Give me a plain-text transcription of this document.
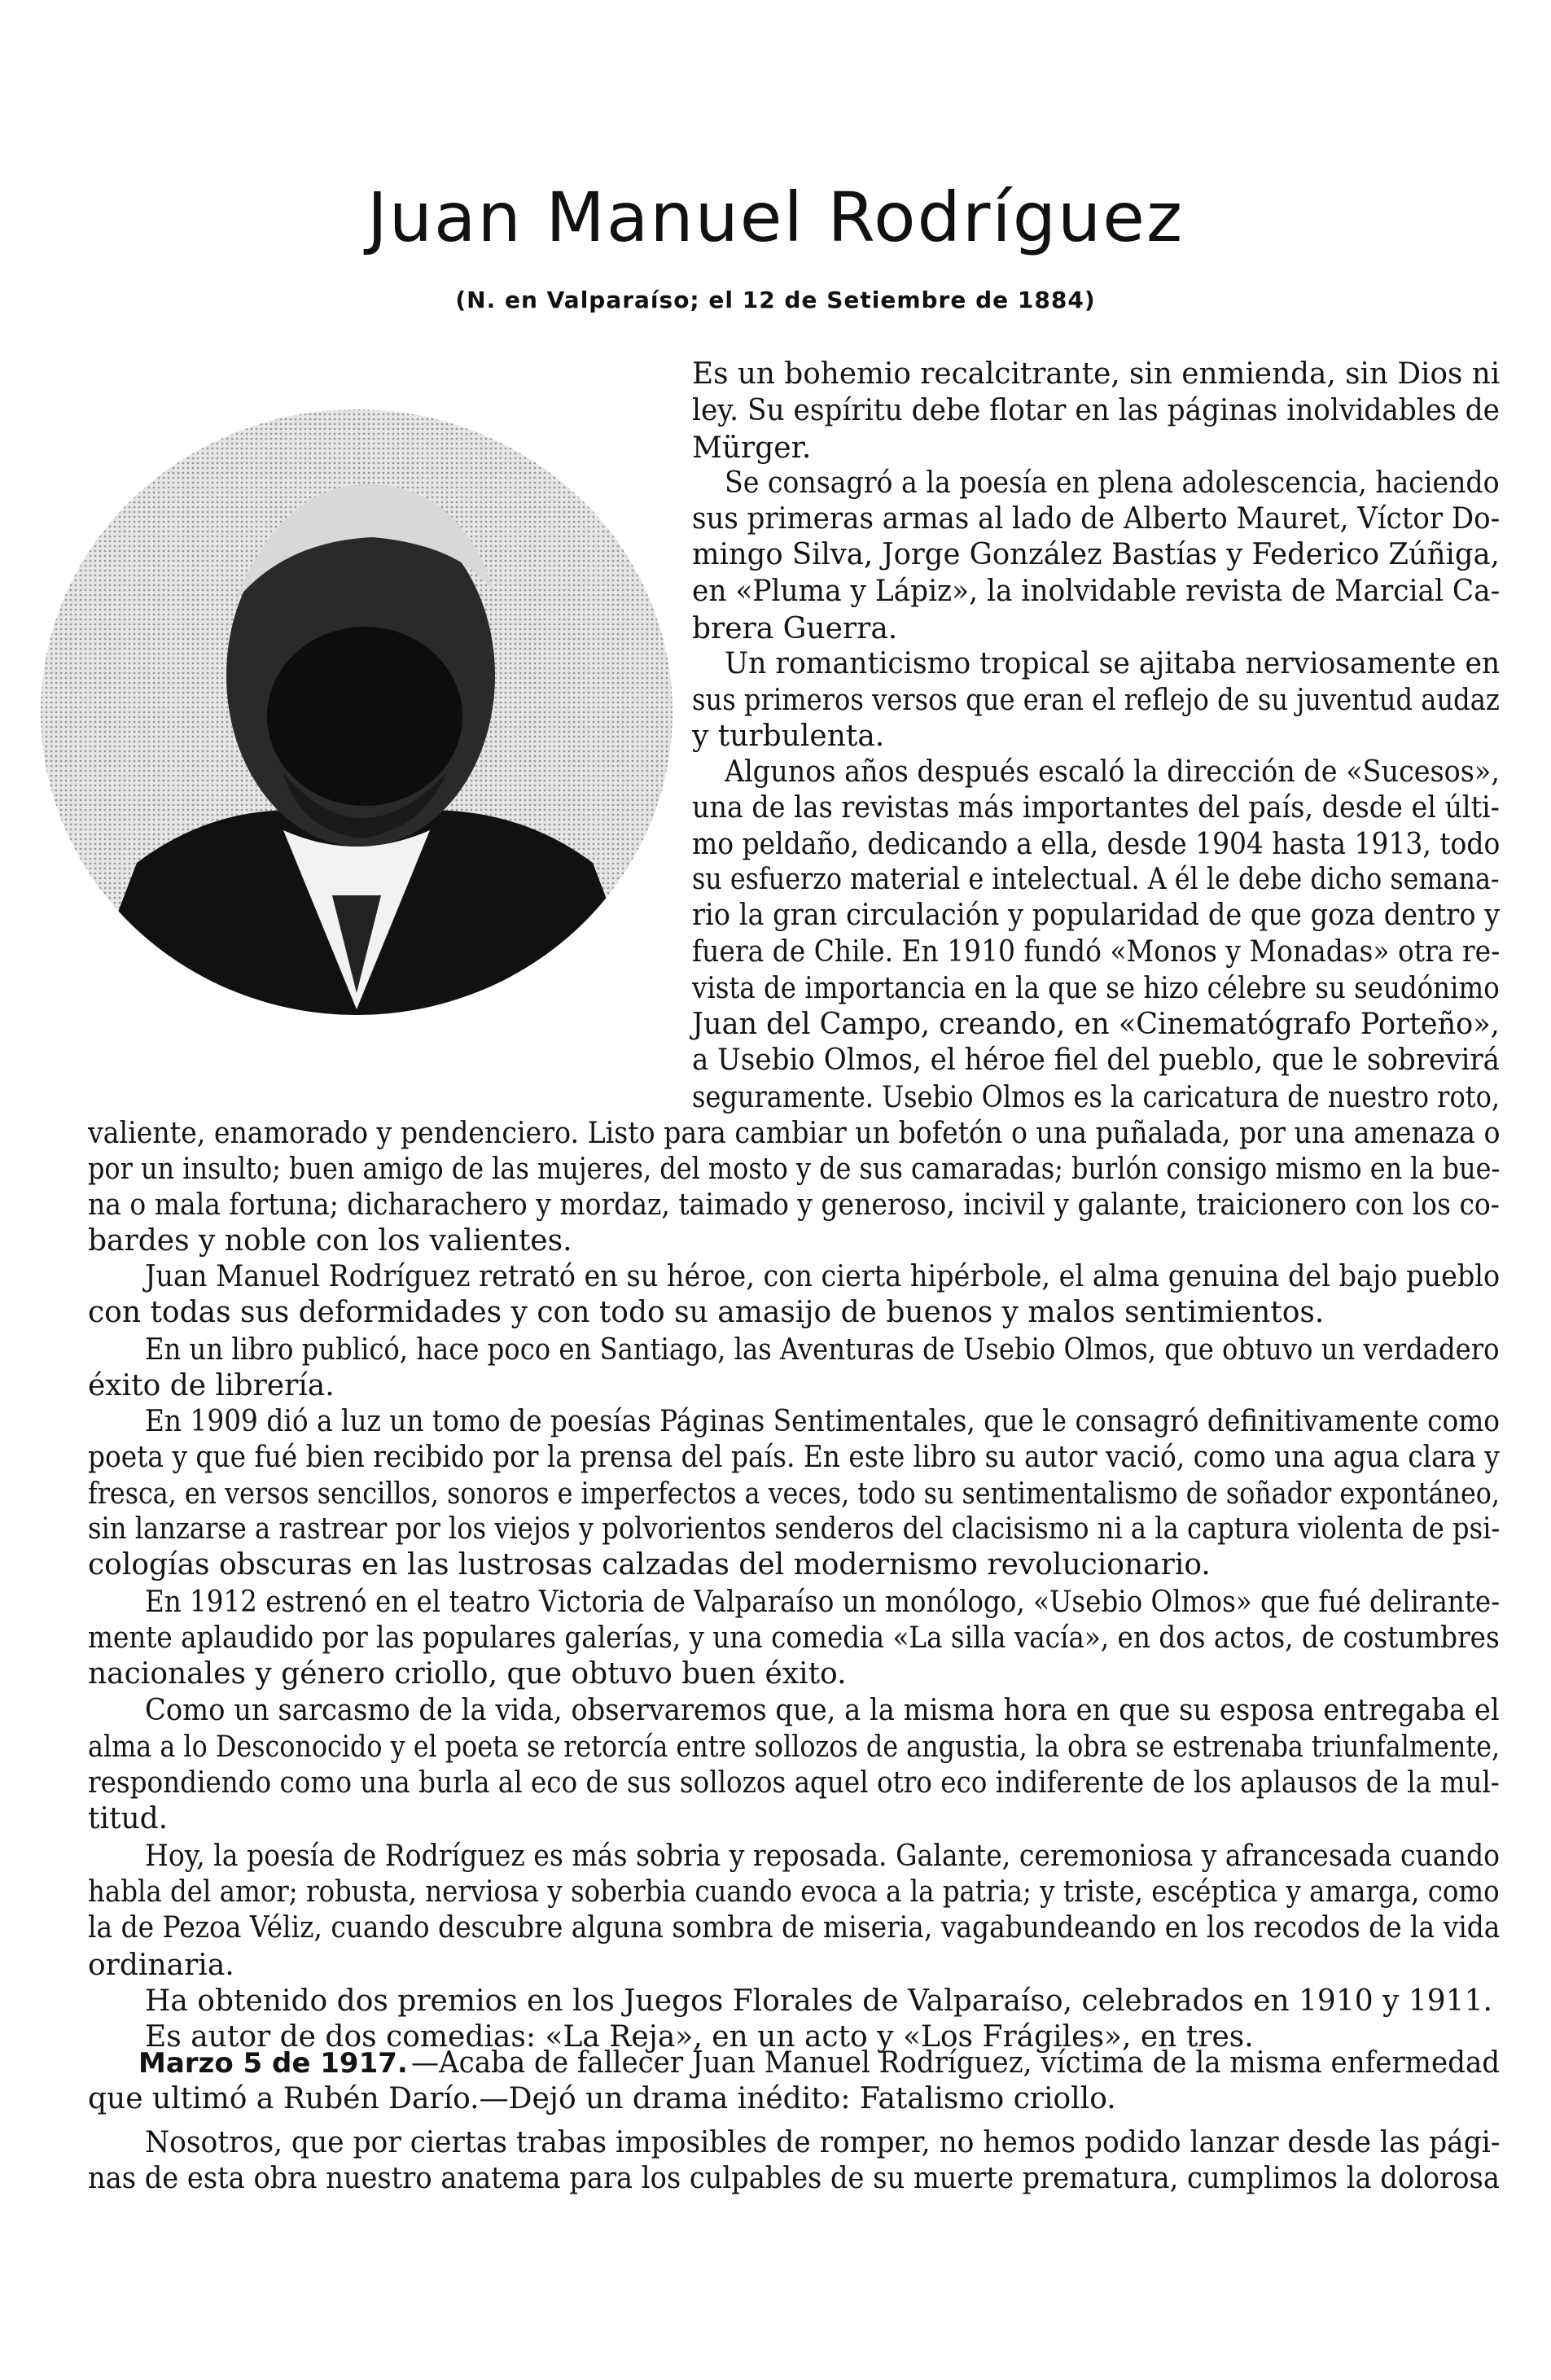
Juan Manuel Rodríguez
(N. en Valparaíso; el 12 de Setiembre de 1884)

Es un bohemio recalcitrante, sin enmienda, sin Dios ni

ley. Su espíritu debe flotar en las páginas inolvidables de

Mürger.

Se consagró a la poesía en plena adolescencia, haciendo

sus primeras armas al lado de Alberto Mauret, Víctor Do-

mingo Silva, Jorge González Bastías y Federico Zúñiga,

en «Pluma y Lápiz», la inolvidable revista de Marcial Ca-

brera Guerra.

Un romanticismo tropical se ajitaba nerviosamente en

sus primeros versos que eran el reflejo de su juventud audaz

y turbulenta.

Algunos años después escaló la dirección de «Sucesos»,

una de las revistas más importantes del país, desde el últi-

mo peldaño, dedicando a ella, desde 1904 hasta 1913, todo

su esfuerzo material e intelectual. A él le debe dicho semana-

rio la gran circulación y popularidad de que goza dentro y

fuera de Chile. En 1910 fundó «Monos y Monadas» otra re-

vista de importancia en la que se hizo célebre su seudónimo

Juan del Campo, creando, en «Cinematógrafo Porteño»,

a Usebio Olmos, el héroe fiel del pueblo, que le sobrevirá

seguramente. Usebio Olmos es la caricatura de nuestro roto,

valiente, enamorado y pendenciero. Listo para cambiar un bofetón o una puñalada, por una amenaza o

por un insulto; buen amigo de las mujeres, del mosto y de sus camaradas; burlón consigo mismo en la bue-

na o mala fortuna; dicharachero y mordaz, taimado y generoso, incivil y galante, traicionero con los co-

bardes y noble con los valientes.

Juan Manuel Rodríguez retrató en su héroe, con cierta hipérbole, el alma genuina del bajo pueblo

con todas sus deformidades y con todo su amasijo de buenos y malos sentimientos.

En un libro publicó, hace poco en Santiago, las Aventuras de Usebio Olmos, que obtuvo un verdadero

éxito de librería.

En 1909 dió a luz un tomo de poesías Páginas Sentimentales, que le consagró definitivamente como

poeta y que fué bien recibido por la prensa del país. En este libro su autor vació, como una agua clara y

fresca, en versos sencillos, sonoros e imperfectos a veces, todo su sentimentalismo de soñador expontáneo,

sin lanzarse a rastrear por los viejos y polvorientos senderos del clacisismo ni a la captura violenta de psi-

cologías obscuras en las lustrosas calzadas del modernismo revolucionario.

En 1912 estrenó en el teatro Victoria de Valparaíso un monólogo, «Usebio Olmos» que fué delirante-

mente aplaudido por las populares galerías, y una comedia «La silla vacía», en dos actos, de costumbres

nacionales y género criollo, que obtuvo buen éxito.

Como un sarcasmo de la vida, observaremos que, a la misma hora en que su esposa entregaba el

alma a lo Desconocido y el poeta se retorcía entre sollozos de angustia, la obra se estrenaba triunfalmente,

respondiendo como una burla al eco de sus sollozos aquel otro eco indiferente de los aplausos de la mul-

titud.

Hoy, la poesía de Rodríguez es más sobria y reposada. Galante, ceremoniosa y afrancesada cuando

habla del amor; robusta, nerviosa y soberbia cuando evoca a la patria; y triste, escéptica y amarga, como

la de Pezoa Véliz, cuando descubre alguna sombra de miseria, vagabundeando en los recodos de la vida

ordinaria.

Ha obtenido dos premios en los Juegos Florales de Valparaíso, celebrados en 1910 y 1911.

Es autor de dos comedias: «La Reja», en un acto y «Los Frágiles», en tres.

Marzo 5 de 1917. —Acaba de fallecer Juan Manuel Rodríguez, víctima de la misma enfermedad

que ultimó a Rubén Darío.—Dejó un drama inédito: Fatalismo criollo.

Nosotros, que por ciertas trabas imposibles de romper, no hemos podido lanzar desde las pági-

nas de esta obra nuestro anatema para los culpables de su muerte prematura, cumplimos la dolorosa
